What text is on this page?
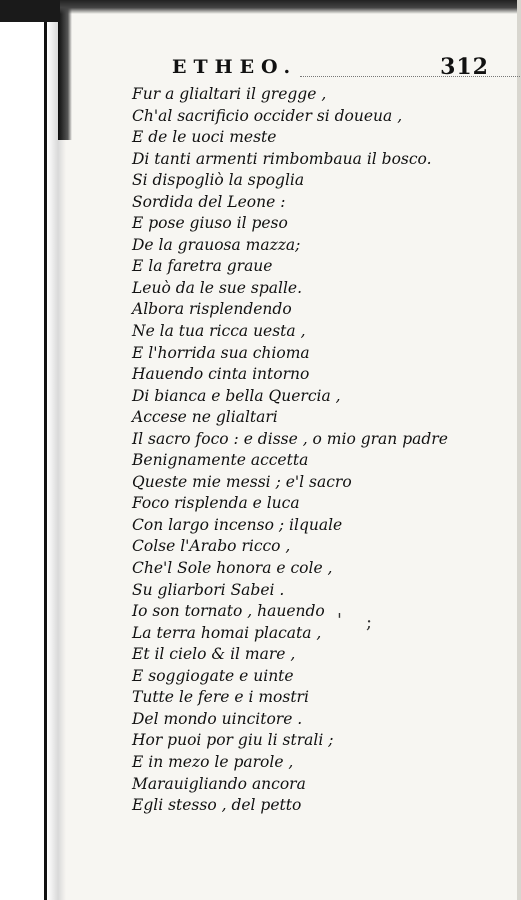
ETHEO.	312
Fur a glialtari il gregge ,
Ch'al sacrificio occider si doueua ,
E de le uoci meste
Di tanti armenti rimbombaua il bosco.
Si dispogliò la spoglia
Sordida del Leone :
E pose giuso il peso
De la grauosa mazza;
E la faretra graue
Leuò da le sue spalle.
Albora risplendendo
Ne la tua ricca uesta ,
E l'horrida sua chioma
Hauendo cinta intorno
Di bianca e bella Quercia ,
Accese ne glialtari
Il sacro foco : e disse , o mio gran padre
Benignamente accetta
Queste mie messi ; e'l sacro
Foco risplenda e luca
Con largo incenso ; ilquale
Colse l'Arabo ricco ,
Che'l Sole honora e cole ,
Su gliarbori Sabei .
Io son tornato , hauendo
La terra homai placata ,
Et il cielo & il mare ,
E soggiogate e uinte
Tutte le fere e i mostri
Del mondo uincitore .
Hor puoi por giu li strali ;
E in mezo le parole ,
Marauigliando ancora
Egli stesso , del petto
' ;
